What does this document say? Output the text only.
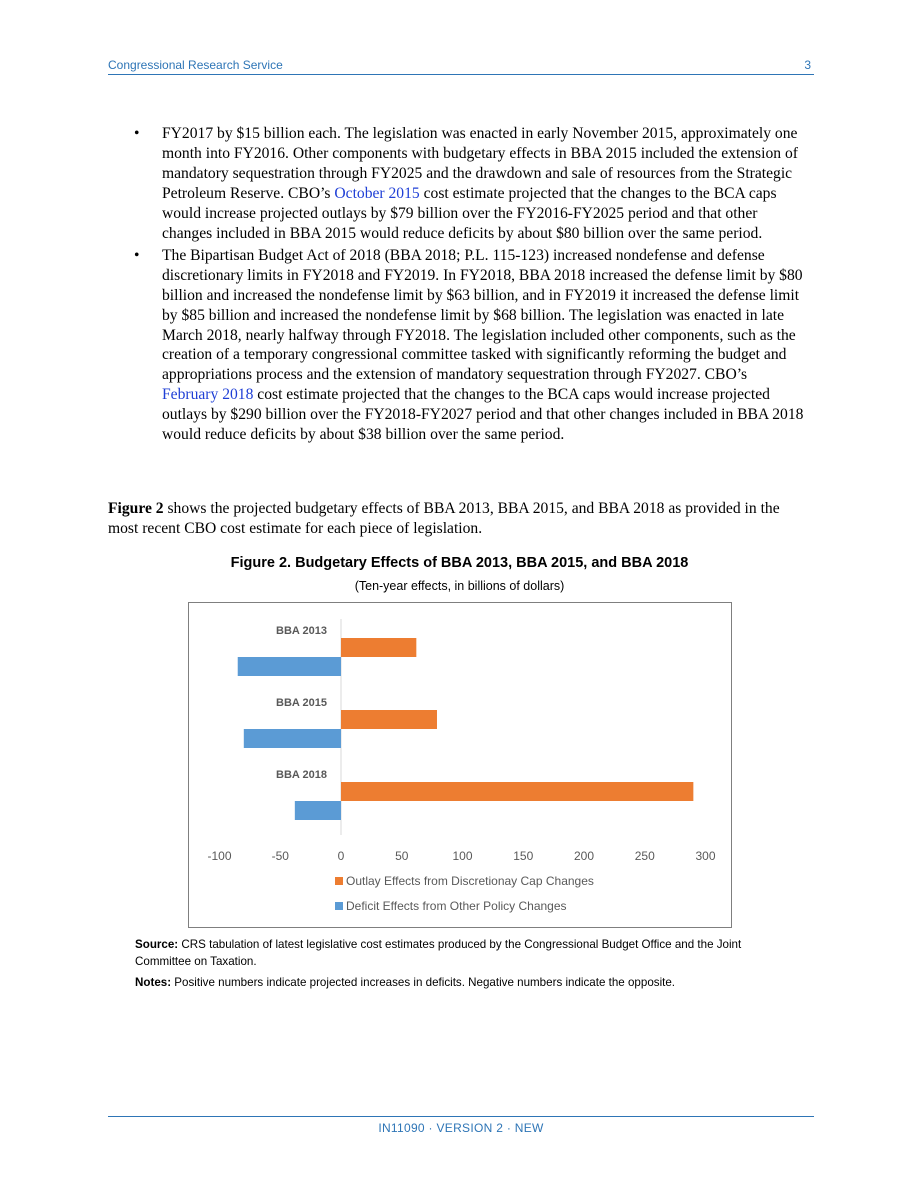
Congressional Research Service	3
• FY2017 by $15 billion each. The legislation was enacted in early November 2015, approximately one month into FY2016. Other components with budgetary effects in BBA 2015 included the extension of mandatory sequestration through FY2025 and the drawdown and sale of resources from the Strategic Petroleum Reserve. CBO’s October 2015 cost estimate projected that the changes to the BCA caps would increase projected outlays by $79 billion over the FY2016-FY2025 period and that other changes included in BBA 2015 would reduce deficits by about $80 billion over the same period.
• The Bipartisan Budget Act of 2018 (BBA 2018; P.L. 115-123) increased nondefense and defense discretionary limits in FY2018 and FY2019. In FY2018, BBA 2018 increased the defense limit by $80 billion and increased the nondefense limit by $63 billion, and in FY2019 it increased the defense limit by $85 billion and increased the nondefense limit by $68 billion. The legislation was enacted in late March 2018, nearly halfway through FY2018. The legislation included other components, such as the creation of a temporary congressional committee tasked with significantly reforming the budget and appropriations process and the extension of mandatory sequestration through FY2027. CBO’s February 2018 cost estimate projected that the changes to the BCA caps would increase projected outlays by $290 billion over the FY2018-FY2027 period and that other changes included in BBA 2018 would reduce deficits by about $38 billion over the same period.

Figure 2 shows the projected budgetary effects of BBA 2013, BBA 2015, and BBA 2018 as provided in the most recent CBO cost estimate for each piece of legislation.

Figure 2. Budgetary Effects of BBA 2013, BBA 2015, and BBA 2018
(Ten-year effects, in billions of dollars)
BBA 2013
BBA 2015
BBA 2018
-100	-50	0	50	100	150	200	250	300
Outlay Effects from Discretionay Cap Changes
Deficit Effects from Other Policy Changes

Source: CRS tabulation of latest legislative cost estimates produced by the Congressional Budget Office and the Joint Committee on Taxation.

Notes: Positive numbers indicate projected increases in deficits. Negative numbers indicate the opposite.

IN11090 · VERSION 2 · NEW
